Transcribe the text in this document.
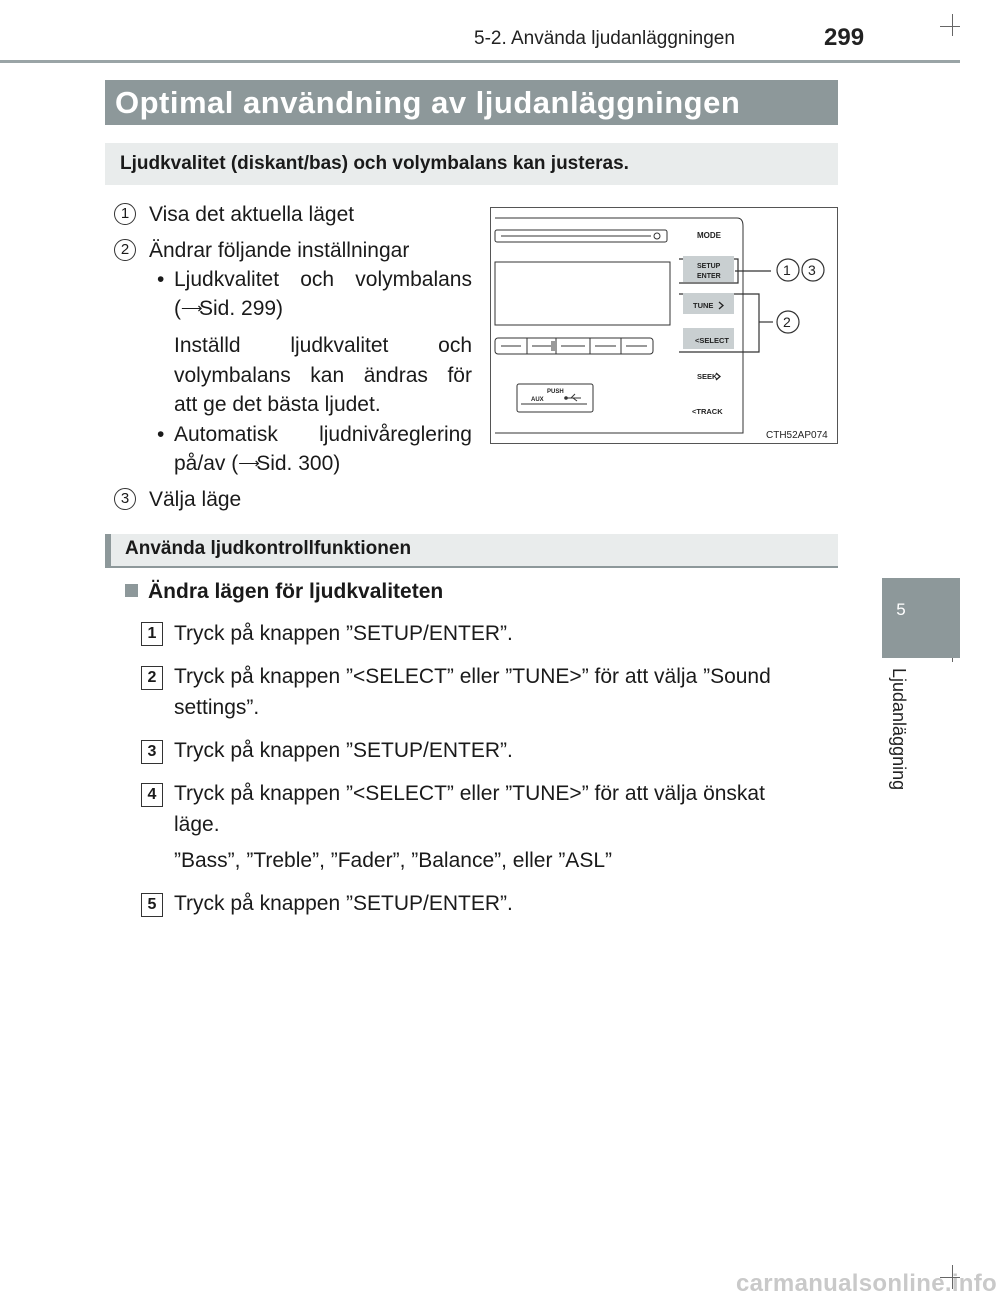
5-2. Använda ljudanläggningen	299
Optimal användning av ljudanläggningen
Ljudkvalitet (diskant/bas) och volymbalans kan justeras.
1 Visa det aktuella läget
2 Ändrar följande inställningar
• Ljudkvalitet och volymbalans
(⟶Sid. 299)
Inställd ljudkvalitet och
volymbalans kan ändras för
att ge det bästa ljudet.
• Automatisk ljudnivåreglering
på/av (⟶Sid. 300)
3 Välja läge
MODE
SETUP
ENTER
TUNE
<SELECT
SEEK
<TRACK
PUSH
AUX
1 3
2
CTH52AP074
Använda ljudkontrollfunktionen
Ändra lägen för ljudkvaliteten
1 Tryck på knappen ”SETUP/ENTER”.
2 Tryck på knappen ”<SELECT” eller ”TUNE>” för att välja ”Sound
settings”.
3 Tryck på knappen ”SETUP/ENTER”.
4 Tryck på knappen ”<SELECT” eller ”TUNE>” för att välja önskat
läge.
”Bass”, ”Treble”, ”Fader”, ”Balance”, eller ”ASL”
5 Tryck på knappen ”SETUP/ENTER”.
5
Ljudanläggning
carmanualsonline.info
